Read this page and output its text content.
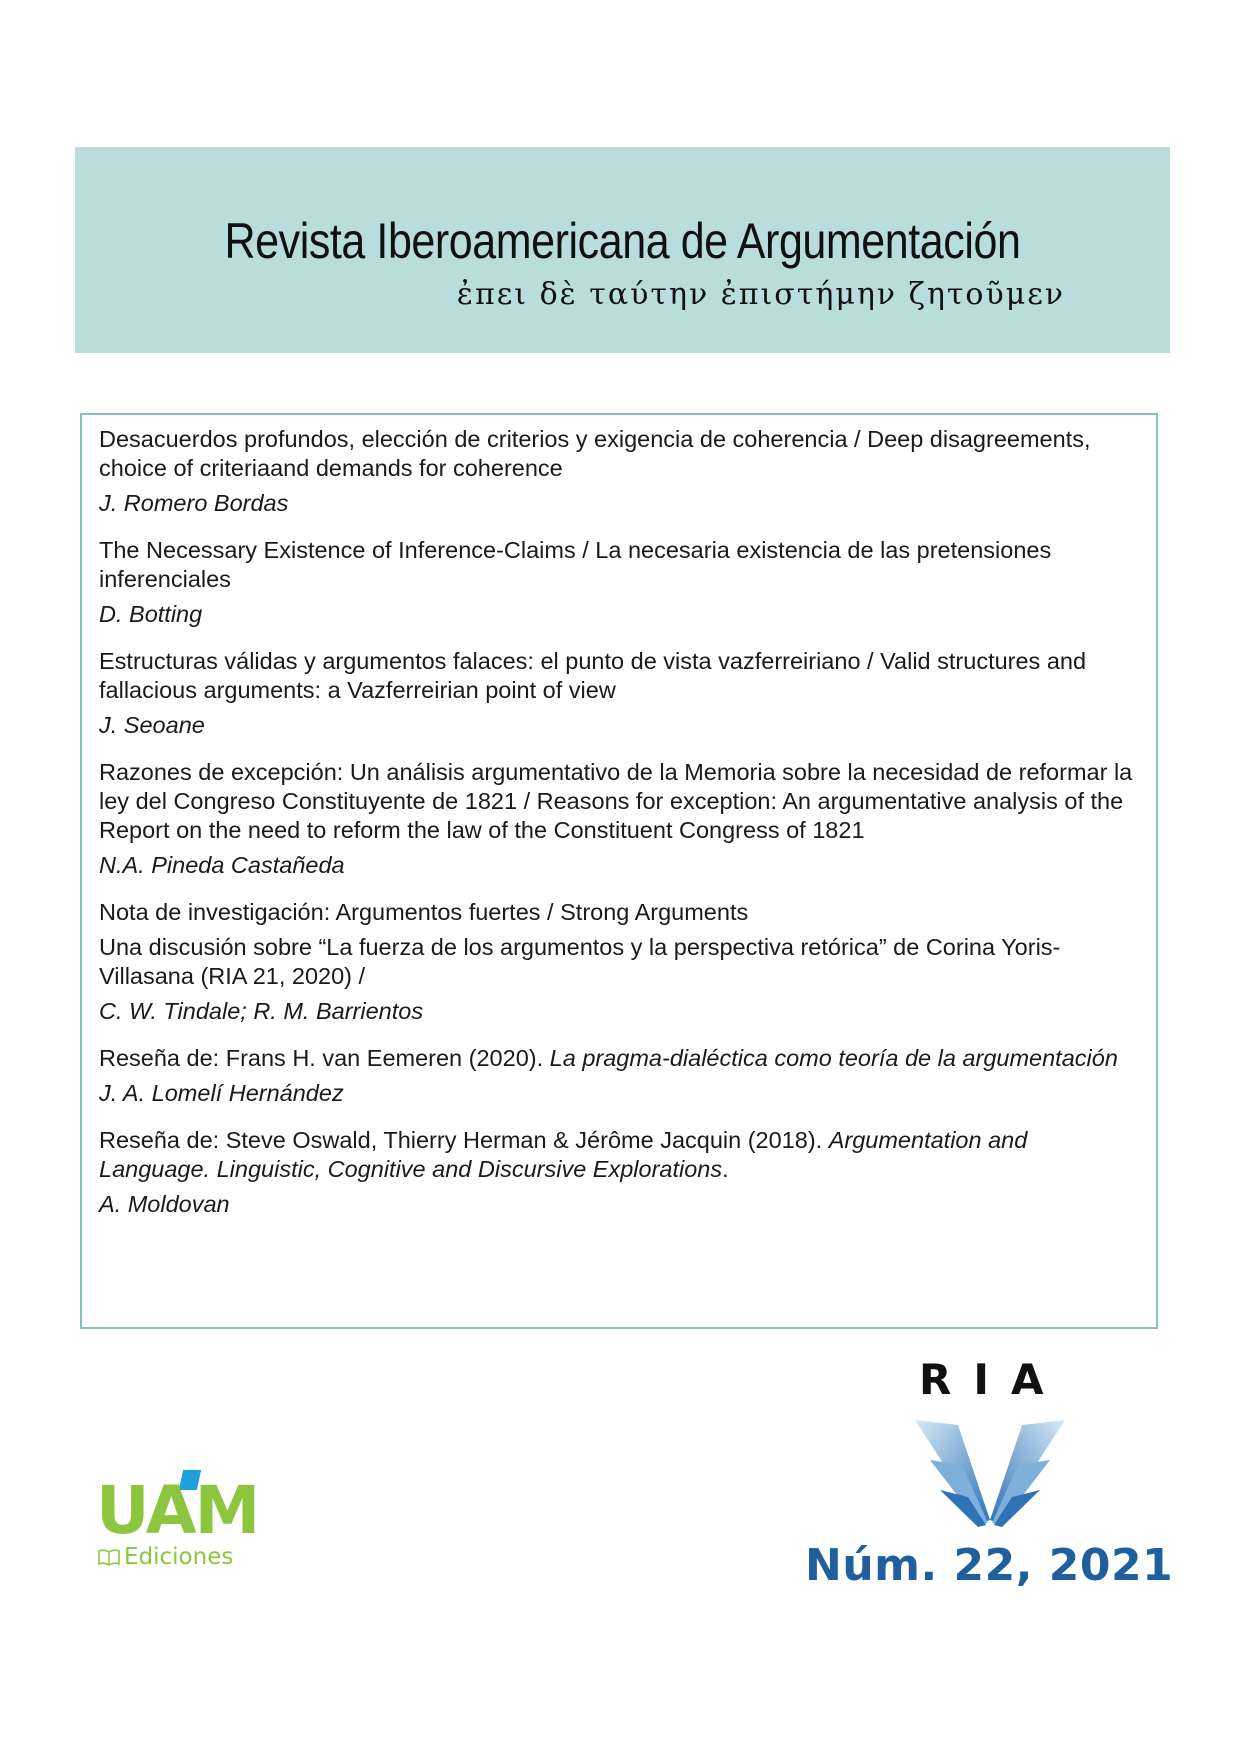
Revista Iberoamericana de Argumentación
ἐπει δὲ ταύτην ἐπιστήμην ζητοῦμεν
Desacuerdos profundos, elección de criterios y exigencia de coherencia / Deep disagreements, choice of criteriaand demands for coherence
J. Romero Bordas
The Necessary Existence of Inference-Claims / La necesaria existencia de las pretensiones inferenciales
D. Botting
Estructuras válidas y argumentos falaces: el punto de vista vazferreiriano / Valid structures and fallacious arguments: a Vazferreirian point of view
J. Seoane
Razones de excepción: Un análisis argumentativo de la Memoria sobre la necesidad de reformar la ley del Congreso Constituyente de 1821 / Reasons for exception: An argumentative analysis of the Report on the need to reform the law of the Constituent Congress of 1821
N.A. Pineda Castañeda
Nota de investigación: Argumentos fuertes / Strong Arguments
Una discusión sobre “La fuerza de los argumentos y la perspectiva retórica” de Corina Yoris-Villasana (RIA 21, 2020) /
C. W. Tindale; R. M. Barrientos
Reseña de: Frans H. van Eemeren (2020). La pragma-dialéctica como teoría de la argumentación
J. A. Lomelí Hernández
Reseña de: Steve Oswald, Thierry Herman & Jérôme Jacquin (2018). Argumentation and Language. Linguistic, Cognitive and Discursive Explorations.
A. Moldovan
UAM
Ediciones
RIA
Núm. 22, 2021
